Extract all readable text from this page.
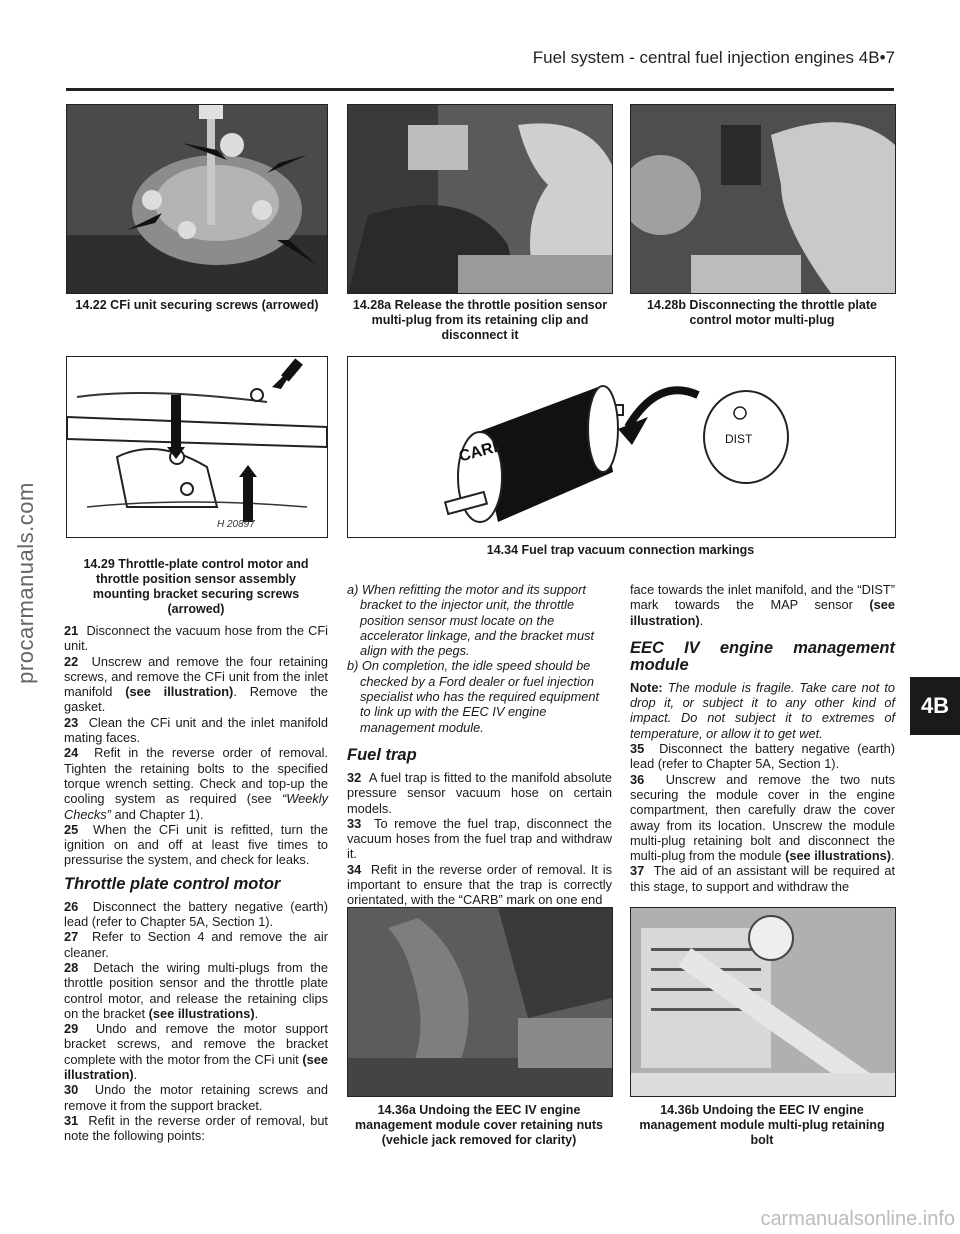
Fuel system - central fuel injection engines 4B•7
procarmanuals.com
4B
14.22 CFi unit securing screws (arrowed)	14.28a Release the throttle position sensor multi-plug from its retaining clip and disconnect it
14.28b Disconnecting the throttle plate control motor multi-plug
H 20897
14.29 Throttle-plate control motor and throttle position sensor assembly mounting bracket securing screws (arrowed)
CARB	DIST
14.34 Fuel trap vacuum connection markings

21 Disconnect the vacuum hose from the CFi unit.

22 Unscrew and remove the four retaining screws, and remove the CFi unit from the inlet manifold (see illustration). Remove the gasket.

23 Clean the CFi unit and the inlet manifold mating faces.

24 Refit in the reverse order of removal. Tighten the retaining bolts to the specified torque wrench setting. Check and top-up the cooling system as required (see “Weekly Checks” and Chapter 1).

25 When the CFi unit is refitted, turn the ignition on and off at least five times to pressurise the system, and check for leaks.

Throttle plate control motor

26 Disconnect the battery negative (earth) lead (refer to Chapter 5A, Section 1).

27 Refer to Section 4 and remove the air cleaner.

28 Detach the wiring multi-plugs from the throttle position sensor and the throttle plate control motor, and release the retaining clips on the bracket (see illustrations).

29 Undo and remove the motor support bracket screws, and remove the bracket complete with the motor from the CFi unit (see illustration).

30 Undo the motor retaining screws and remove it from the support bracket.

31 Refit in the reverse order of removal, but note the following points:

a) When refitting the motor and its support bracket to the injector unit, the throttle position sensor must locate on the accelerator linkage, and the bracket must align with the pegs.

b) On completion, the idle speed should be checked by a Ford dealer or fuel injection specialist who has the required equipment to link up with the EEC IV engine management module.

Fuel trap

32 A fuel trap is fitted to the manifold absolute pressure sensor vacuum hose on certain models.

33 To remove the fuel trap, disconnect the vacuum hoses from the fuel trap and withdraw it.

34 Refit in the reverse order of removal. It is important to ensure that the trap is correctly orientated, with the “CARB” mark on one end

face towards the inlet manifold, and the “DIST” mark towards the MAP sensor (see illustration).

EEC IV engine management module

Note: The module is fragile. Take care not to drop it, or subject it to any other kind of impact. Do not subject it to extremes of temperature, or allow it to get wet.

35 Disconnect the battery negative (earth) lead (refer to Chapter 5A, Section 1).

36 Unscrew and remove the two nuts securing the module cover in the engine compartment, then carefully draw the cover away from its location. Unscrew the module multi-plug retaining bolt and disconnect the multi-plug from the module (see illustrations).

37 The aid of an assistant will be required at this stage, to support and withdraw the

14.36a Undoing the EEC IV engine management module cover retaining nuts (vehicle jack removed for clarity)
14.36b Undoing the EEC IV engine management module multi-plug retaining bolt
carmanualsonline.info
